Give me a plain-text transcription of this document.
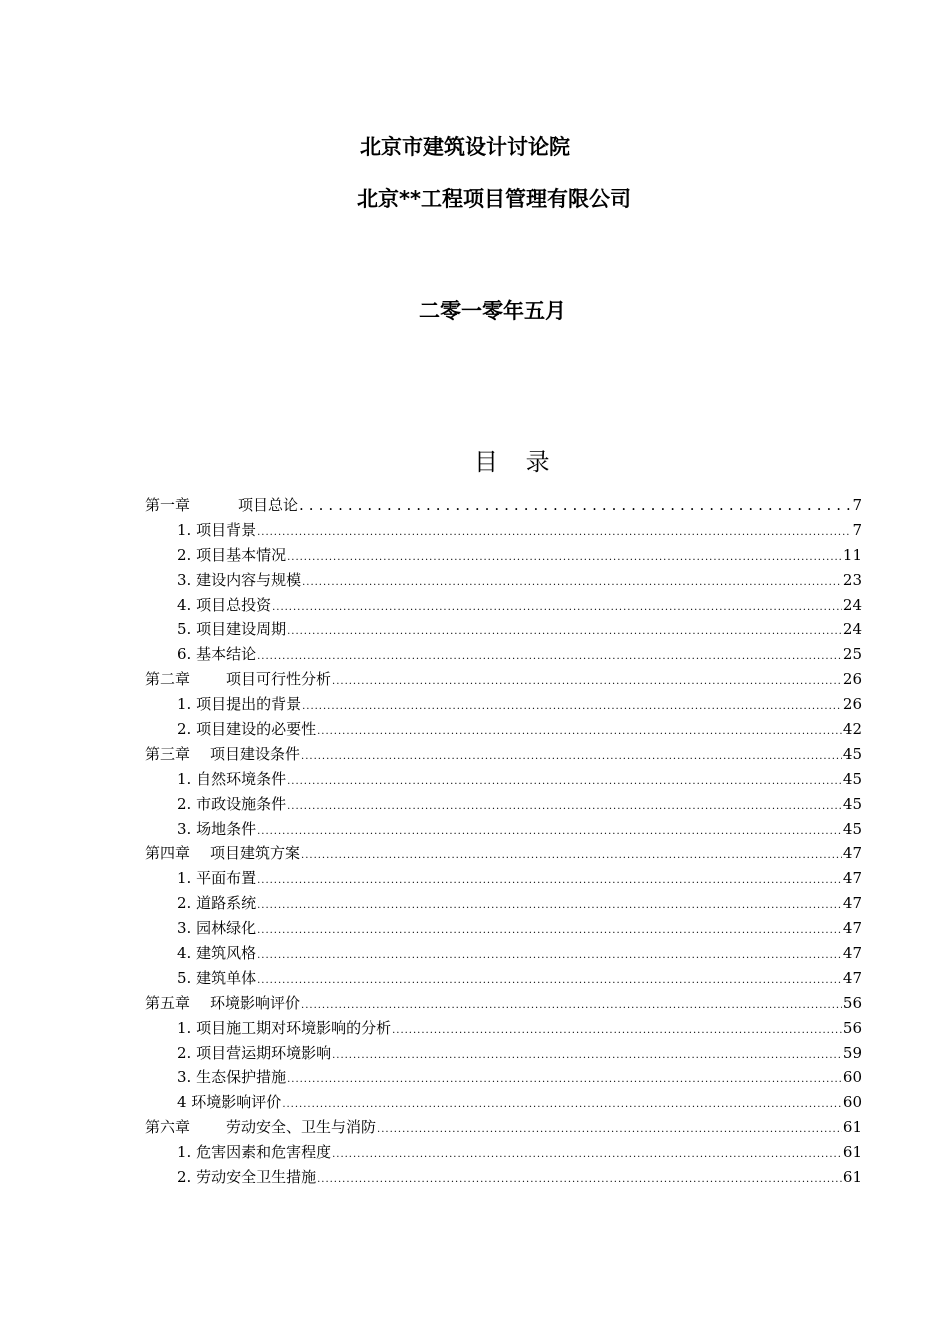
北京市建筑设计讨论院
北京**工程项目管理有限公司
二零一零年五月
目 录
第一章	项目总论 .....	7
1. 项目背景 .....	7
2. 项目基本情况 .....	11
3. 建设内容与规模 .....	23
4. 项目总投资 .....	24
5. 项目建设周期 .....	24
6. 基本结论 .....	25
第二章 项目可行性分析 .....	26
1. 项目提出的背景 .....	26
2. 项目建设的必要性 .....	42
第三章 项目建设条件 .....	45
1. 自然环境条件 .....	45
2. 市政设施条件 .....	45
3. 场地条件 .....	45
第四章 项目建筑方案 .....	47
1. 平面布置 .....	47
2. 道路系统 .....	47
3. 园林绿化 .....	47
4. 建筑风格 .....	47
5. 建筑单体 .....	47
第五章 环境影响评价 .....	56
1. 项目施工期对环境影响的分析 .....	56
2. 项目营运期环境影响 .....	59
3. 生态保护措施 .....	60
4 环境影响评价 .....	60
第六章 劳动安全、卫生与消防 .....	61
1. 危害因素和危害程度 .....	61
2. 劳动安全卫生措施 .....	61
